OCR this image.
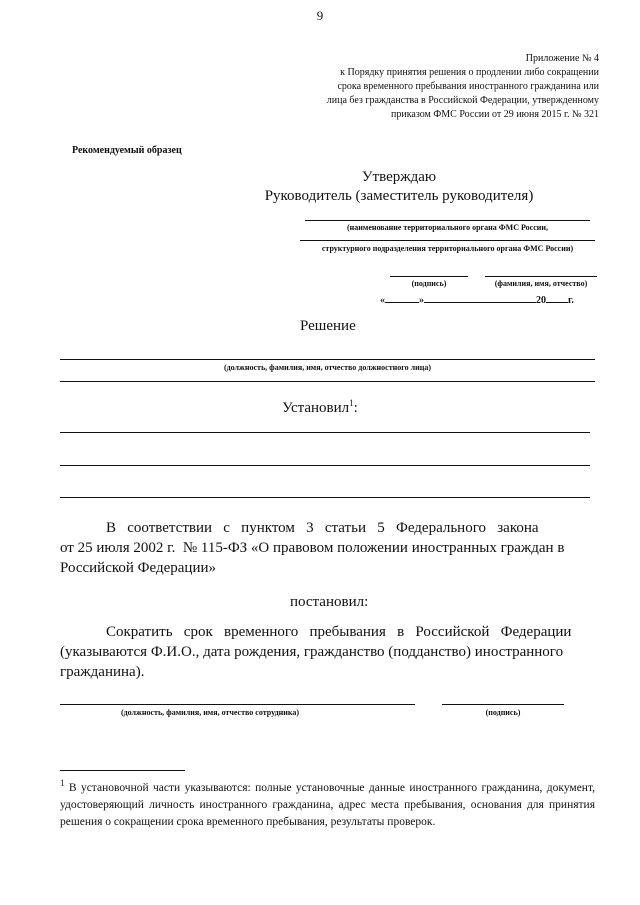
9
Приложение № 4
к Порядку принятия решения о продлении либо сокращении
срока временного пребывания иностранного гражданина или
лица без гражданства в Российской Федерации, утвержденному
приказом ФМС России от 29 июня 2015 г. № 321
Рекомендуемый образец
Утверждаю
Руководитель (заместитель руководителя)
(наименование территориального органа ФМС России,
структурного подразделения территориального органа ФМС России)
(подпись)	(фамилия, имя, отчество)
«	»	20 г.
Решение
(должность, фамилия, имя, отчество должностного лица)
Установил$^1$:
В   соответствии   с   пунктом   3   статьи   5   Федерального   закона
от 25 июля 2002 г.  № 115-ФЗ «О правовом положении иностранных граждан в
Российской Федерации»
постановил:
Сократить   срок   временного   пребывания   в   Российской   Федерации
(указываются Ф.И.О., дата рождения, гражданство (подданство) иностранного
гражданина).
(должность, фамилия, имя, отчество сотрудника)	(подпись)
$^1$ В установочной части указываются: полные установочные данные иностранного гражданина, документ, удостоверяющий личность иностранного гражданина, адрес места пребывания, основания для принятия решения о сокращении срока временного пребывания, результаты проверок.
